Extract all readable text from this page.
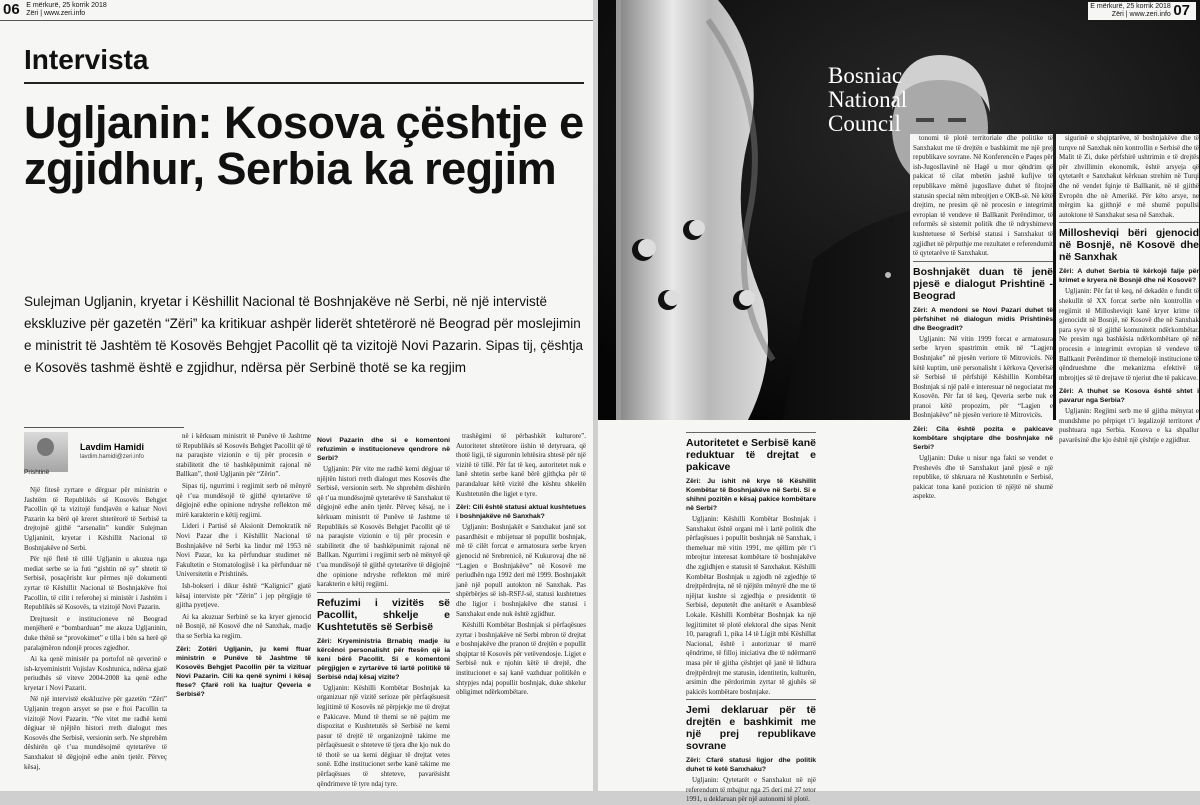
06 E mërkurë, 25 korrik 2018
Zëri | www.zeri.info
Intervista
Ugljanin: Kosova çështje e zgjidhur, Serbia ka regjim

Sulejman Ugljanin, kryetar i Këshillit Nacional të Boshnjakëve në Serbi, në një intervistë ekskluzive për gazetën “Zëri” ka kritikuar ashpër liderët shtetërorë në Beograd për moslejimin e ministrit të Jashtëm të Kosovës Behgjet Pacollit që ta vizitojë Novi Pazarin. Sipas tij, çështja e Kosovës tashmë është e zgjidhur, ndërsa për Serbinë thotë se ka regjim

Lavdim Hamidi
lavdim.hamidi@zeri.info
Prishtinë

Një fitesë zyrtare e dërguar për ministrin e Jashtëm të Republikës së Kosovës Behgjet Pacollin që ta vizitojë fundjavën e kaluar Novi Pazarin ka bërë që kreret shtetërorë të Serbisë ta drejtojnë gjithë “arsenalin” kundër Sulejman Ugljaninit, kryetar i Këshillit Nacional të Boshnjakëve në Serbi.

Për një fletë të tillë Ugljanin u akuzua nga mediat serbe se ia futi “gishtin në sy” shtetit të Serbisë, posaçërisht kur përmes një dokumenti zyrtar të Këshillit Nacional të Boshnjakëve ftoi Pacollin, të cilit i referohej si ministër i Jashtëm i Republikës së Kosovës, ta vizitojë Novi Pazarin.

Drejtuesit e institucioneve në Beograd menjëherë e “bombarduan” me akuza Ugljaninin, duke thënë se “provokimet” e tilla i bën sa herë që paralajmëron ndonjë proces zgjedhor.

Ai ka qenë ministër pa portofol në qeverinë e ish-kryeministrit Vojislav Koshtunica, ndërsa gjatë periudhës së viteve 2004-2008 ka qenë edhe kryetar i Novi Pazarit.

Në një intervistë ekskluzive për gazetën “Zëri” Ugljanin tregon arsyet se pse e ftoi Pacollin ta vizitojë Novi Pazarin. “Ne vitet me radhë kemi dëgjuar të njëjtën histori rreth dialogut mes Kosovës dhe Serbisë, versionin serb. Ne shprehëm dëshirën që t’ua mundësojmë qytetarëve të Sanxhakut të dëgjojnë edhe anën tjetër. Përveç kësaj,

në i kërkuam ministrit të Punëve të Jashtme të Republikës së Kosovës Behgjet Pacollit që të na paraqiste vizionin e tij për procesin e stabilitetit dhe të bashkëpunimit rajonal në Ballkan”, thotë Ugljanin për “Zërin”.

Sipas tij, ngurrimi i regjimit serb në mënyrë që t’ua mundësojë të gjithë qytetarëve të dëgjojnë edhe opinione ndryshe reflekton më mirë karakterin e këtij regjimi.

Lideri i Partisë së Aksionit Demokratik në Novi Pazar dhe i Këshillit Nacional të Boshnjakëve në Serbi ka lindur më 1953 në Novi Pazar, ku ka përfunduar studimet në Fakultetin e Stomatologjisë i ka përfunduar në Universitetin e Prishtinës.

Ish-bokseri i dikur është “Kalignici” gjatë kësaj interviste për “Zërin” i jep përgjigje të gjitha pyetjeve.

Ai ka akuzuar Serbinë se ka kryer gjenocid në Bosnjë, në Kosovë dhe në Sanxhak, madje tha se Serbia ka regjim.

Zëri: Zotëri Ugljanin, ju kemi ftuar ministrin e Punëve të Jashtme të Kosovës Behgjet Pacollin për ta vizituar Novi Pazarin. Cili ka qenë synimi i kësaj ftese? Çfarë roli ka luajtur Qeveria e Serbisë?

Novi Pazarin dhe si e komentoni refuzimin e institucioneve qendrore në Serbi?

Ugljanin: Për vite me radhë kemi dëgjuar të njëjtën histori rreth dialogut mes Kosovës dhe Serbisë, versionin serb. Ne shprehëm dëshirën që t’ua mundësojmë qytetarëve të Sanxhakut të dëgjojnë edhe anën tjetër. Përveç kësaj, ne i kërkuam ministrit të Punëve të Jashtme të Republikës së Kosovës Behgjet Pacollit që të na paraqiste vizionin e tij për procesin e stabilitetit dhe të bashkëpunimit rajonal në Ballkan. Ngurrimi i regjimit serb në mënyrë që t’ua mundësojë të gjithë qytetarëve të dëgjojnë dhe opinione ndryshe reflekton më mirë karakterin e këtij regjimi.

Refuzimi i vizitës së Pacollit, shkelje e Kushtetutës së Serbisë

Zëri: Kryeministria Brnabiq madje iu kërcënoi personalisht për ftesën që ia keni bërë Pacollit. Si e komentoni përgjigjen e zyrtarëve të lartë politikë të Serbisë ndaj kësaj vizite?

Ugljanin: Këshilli Kombëtar Boshnjak ka organizuar një vizitë serioze për përfaqësuesit legjitimë të Kosovës në përpjekje me të drejtat e Pakicave. Mund të themi se në pajtim me dispozitat e Kushtetutës së Serbisë ne kemi pasur të drejtë të organizojmë takime me përfaqësuesit e shteteve të tjera dhe kjo nuk do të thotë se ua kemi dëgjuar të drejtat vetes sonë. Edhe institucionet serbe kanë takime me përfaqësues të shteteve, pavarësisht qëndrimeve të tyre ndaj tyre.

trashëgimi të përbashkët kulturore”. Autoritetet shtetërore iishin të detyruara, që thotë ligji, të siguronin lehtësira shtesë për një vizitë të tillë. Për fat të keq, autoritetet nuk e lanë shtetin serbe kanë bërë gjithçka për të parandaluar këtë vizitë dhe kështu shkelën Kushtetutën dhe ligjet e tyre.

Zëri: Cili është statusi aktual kushtetues i boshnjakëve në Sanxhak?

Ugljanin: Boshnjakët e Sanxhakut janë sot pasardhësit e mbijetuar të popullit boshnjak, më të cilët forcat e armatosura serbe kryen gjenocid në Srebrenicë, në Kukurovaj dhe në “Lagjen e Boshnjakëve” në Kosovë me periudhën nga 1992 deri më 1999. Boshnjakët janë një popull autokton në Sanxhak. Pas shpërbërjes së ish-RSFJ-së, statusi kushtetues dhe ligjor i boshnjakëve dhe statusi i Sanxhakut ende nuk është zgjidhur.

Këshilli Kombëtar Boshnjak si përfaqësues zyrtar i boshnjakëve në Serbi mbron të drejtat e boshnjakëve dhe pranon të drejtën e popullit shqiptar të Kosovës për vetëvendosje. Ligjet e Serbisë nuk e njohin këtë të drejtë, dhe institucionet e saj kanë vazhduar politikën e shtypjes ndaj popullit boshnjak, duke shkelur obligimet ndërkombëtare.

Bosniac National Council
E mërkurë, 25 korrik 2018
Zëri | www.zeri.info 07

Autoritetet e Serbisë kanë reduktuar të drejtat e pakicave

Zëri: Ju ishit në krye të Këshillit Kombëtar të Boshnjakëve në Serbi. Si e shihni pozitën e kësaj pakice kombëtare në Serbi?

Ugljanin: Këshilli Kombëtar Boshnjak i Sanxhakut është organi më i lartë politik dhe përfaqësues i popullit boshnjak në Sanxhak, i themeluar më vitin 1991, me qëllim për t’i mbrojtur interesat kombëtare të boshnjakëve dhe zgjidhjen e statusit të Sanxhakut. Këshilli Kombëtar Boshnjak u zgjodh në zgjedhje të drejtpërdrejta, në të njëjtën mënyrë dhe me të njëjtat kushte si zgjedhja e presidentit të Serbisë, deputetët dhe anëtarët e Asamblesë Lokale. Këshilli Kombëtar Boshnjak ka një legjitimitet të plotë elektoral dhe sipas Nenit 10, paragrafi 1, pika 14 të Ligjit mbi Këshillat Nacional, është i autorizuar të marrë qëndrime, të filloj iniciativa dhe të ndërmarrë masa për të gjitha çështjet që janë të lidhura drejtpërdrejt me statusin, identitetin, kulturën, arsimin dhe përdorimin zyrtar të gjuhës së pakicës kombëtare boshnjake.

Jemi deklaruar për të drejtën e bashkimit me një prej republikave sovrane

Zëri: Cfarë statusi ligjor dhe politik duhet të ketë Sanxhaku?

Ugljanin: Qytetarët e Sanxhakut në një referendum të mbajtur nga 25 deri më 27 tetor 1991, u deklaruan për një autonomi të plotë.

tonomi të plotë territoriale dhe politike të Sanxhakut me të drejtën e bashkimit me një prej republikave sovrane. Në Konferencën e Paqes për ish-Jugosllavinë në Hagë u mor qëndrim që pakicat të cilat mbetën jashtë kufijve të republikave mëmë jugosllave duhet të fitojnë statusin special nëm mbrojtjen e OKB-së. Në këtë drejtim, ne presim që në procesin e integrimit evropian të vendeve të Ballkanit Perëndimor, të reformës së sistemit politik dhe të ndryshimeve kushtetuese të Serbisë statusi i Sanxhakut të zgjidhet në përputhje me rezultatet e referendumit të qytetarëve të Sanxhakut.

Boshnjakët duan të jenë pjesë e dialogut Prishtinë - Beograd

Zëri: A mendoni se Novi Pazari duhet të përfshihet në dialogun midis Prishtinës dhe Beogradit?

Ugljanin: Në vitin 1999 forcat e armatosura serbe kryen spastrimin etnik në “Lagjen Boshnjake” në pjesën veriore të Mitrovicës. Në këtë kuptim, unë personalisht i kërkova Qeverisë së Serbisë të përfshijë Këshillin Kombëtar Boshnjak si një palë e interesuar në negociatat me Kosovën. Për fat të keq, Qeveria serbe nuk e pranoi këtë propozim, për “Lagjen e Boshnjakëve” në pjesën veriore të Mitrovicës.

Zëri: Cila është pozita e pakicave kombëtare shqiptare dhe boshnjake në Serbi?

Ugljanin: Duke u nisur nga fakti se vendet e Preshevës dhe të Sanxhakut janë pjesë e një republike, të shkruara në Kushtetutën e Serbisë, pakicat tona kanë pozicion të njëjtë në shumë aspekte.

sigurinë e shqiptarëve, të boshnjakëve dhe të turqve në Sanxhak nën kontrollin e Serbisë dhe të Malit të Zi, duke përfshirë ushtrimin e të drejtës për zhvillimin ekonomik, është arsyeja që qytetarët e Sanxhakut kërkuan strehim në Turqi dhe në vendet fqinje të Ballkanit, në të gjithë Evropën dhe në Amerikë. Për këto arsye, ne mërgim ka gjithnjë e më shumë popullsi autoktone të Sanxhakut sesa në Sanxhak.

Millosheviqi bëri gjenocid në Bosnjë, në Kosovë dhe në Sanxhak

Zëri: A duhet Serbia të kërkojë falje për krimet e kryera në Bosnjë dhe në Kosovë?

Ugljanin: Për fat të keq, në dekadën e fundit të shekullit të XX forcat serbe nën kontrollin e regjimit të Millosheviqit kanë kryer krime të gjenocidit në Bosnjë, në Kosovë dhe në Sanxhak para syve të të gjithë komunitetit ndërkombëtar. Ne presim nga bashkësia ndërkombëtare që në procesin e integrimit evropian të vendeve të Ballkanit Perëndimor të themelojë institucione të qëndrueshme dhe mekanizma efektivë të mbrojtjes së të drejtave të njeriut dhe të pakicave.

Zëri: A thuhet se Kosova është shtet i pavarur nga Serbia?

Ugljanin: Regjimi serb me të gjitha mënyrat e mundshme po përpiqet t’i legalizojë territoret e pushtuara nga Serbia. Kosova e ka shpallur pavarësinë dhe kjo është një çështje e zgjidhur.
